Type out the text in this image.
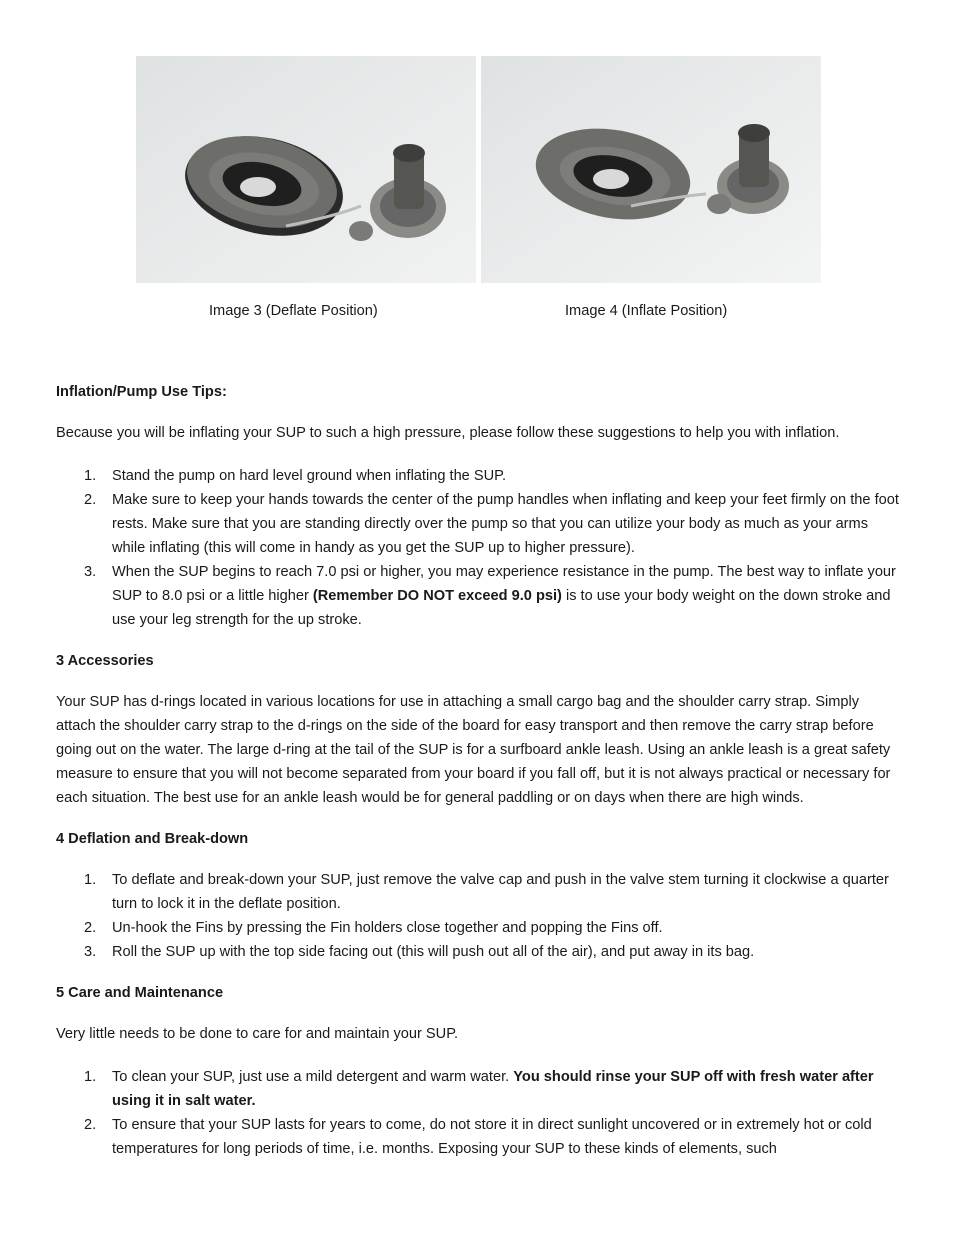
Image 3 (Deflate Position)	Image 4 (Inflate Position)

Inflation/Pump Use Tips:

Because you will be inflating your SUP to such a high pressure, please follow these suggestions to help you with inflation.

1. Stand the pump on hard level ground when inflating the SUP.
2. Make sure to keep your hands towards the center of the pump handles when inflating and keep your feet firmly on the foot rests. Make sure that you are standing directly over the pump so that you can utilize your body as much as your arms while inflating (this will come in handy as you get the SUP up to higher pressure).
3. When the SUP begins to reach 7.0 psi or higher, you may experience resistance in the pump. The best way to inflate your SUP to 8.0 psi or a little higher (Remember DO NOT exceed 9.0 psi) is to use your body weight on the down stroke and use your leg strength for the up stroke.

3 Accessories

Your SUP has d-rings located in various locations for use in attaching a small cargo bag and the shoulder carry strap. Simply attach the shoulder carry strap to the d-rings on the side of the board for easy transport and then remove the carry strap before going out on the water. The large d-ring at the tail of the SUP is for a surfboard ankle leash. Using an ankle leash is a great safety measure to ensure that you will not become separated from your board if you fall off, but it is not always practical or necessary for each situation. The best use for an ankle leash would be for general paddling or on days when there are high winds.

4 Deflation and Break-down

1. To deflate and break-down your SUP, just remove the valve cap and push in the valve stem turning it clockwise a quarter turn to lock it in the deflate position.
2. Un-hook the Fins by pressing the Fin holders close together and popping the Fins off.
3. Roll the SUP up with the top side facing out (this will push out all of the air), and put away in its bag.

5 Care and Maintenance

Very little needs to be done to care for and maintain your SUP.

1. To clean your SUP, just use a mild detergent and warm water. You should rinse your SUP off with fresh water after using it in salt water.
2. To ensure that your SUP lasts for years to come, do not store it in direct sunlight uncovered or in extremely hot or cold temperatures for long periods of time, i.e. months. Exposing your SUP to these kinds of elements, such
